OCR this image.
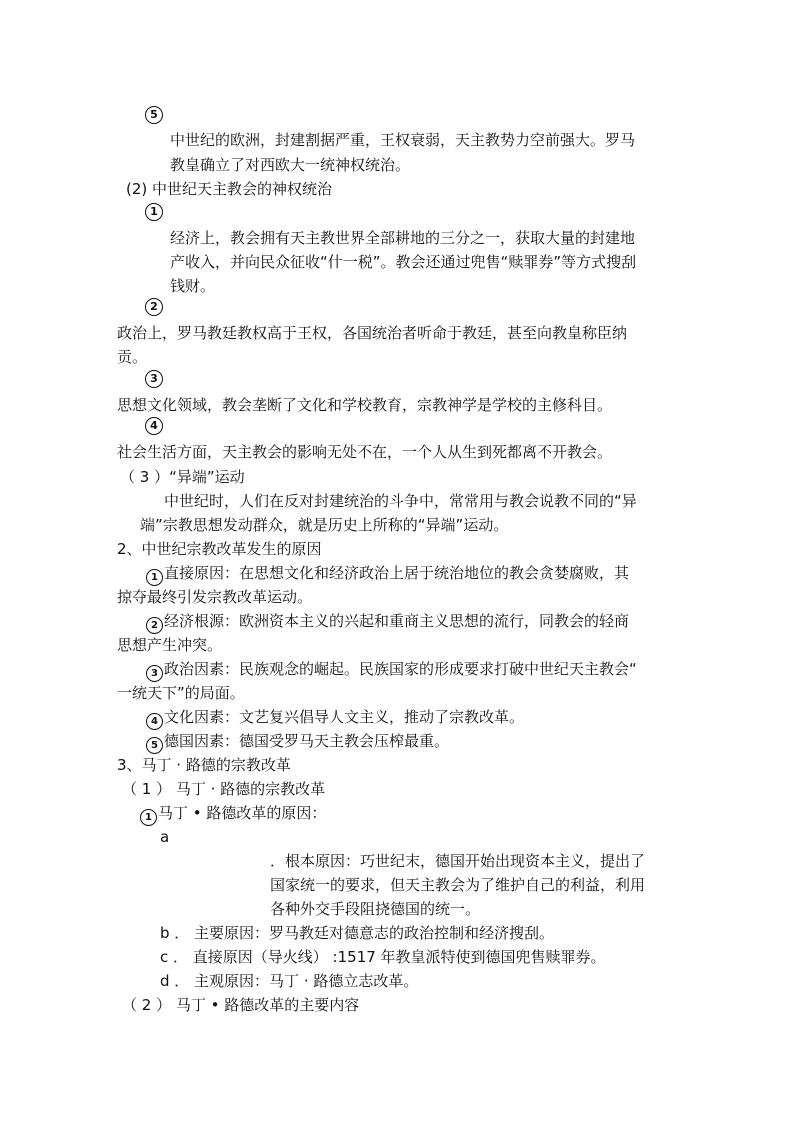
5
中世纪的欧洲，封建割据严重，王权衰弱，天主教势力空前强大。罗马
教皇确立了对西欧大一统神权统治。
(2) 中世纪天主教会的神权统治
1
经济上，教会拥有天主教世界全部耕地的三分之一，获取大量的封建地
产收入，并向民众征收“什一税”。教会还通过兜售“赎罪券”等方式搜刮
钱财。
2
政治上，罗马教廷教权高于王权，各国统治者听命于教廷，甚至向教皇称臣纳
贡。
3
思想文化领域，教会垄断了文化和学校教育，宗教神学是学校的主修科目。
4
社会生活方面，天主教会的影响无处不在，一个人从生到死都离不开教会。
（ 3 ）“异端”运动
中世纪时，人们在反对封建统治的斗争中，常常用与教会说教不同的“异
端”宗教思想发动群众，就是历史上所称的“异端”运动。
2、中世纪宗教改革发生的原因
1 直接原因：在思想文化和经济政治上居于统治地位的教会贪婪腐败，其
掠夺最终引发宗教改革运动。
2 经济根源：欧洲资本主义的兴起和重商主义思想的流行，同教会的轻商
思想产生冲突。
3 政治因素：民族观念的崛起。民族国家的形成要求打破中世纪天主教会“
一统天下”的局面。
4 文化因素：文艺复兴倡导人文主义，推动了宗教改革。
5 德国因素：德国受罗马天主教会压榨最重。
3、马丁 · 路德的宗教改革
（ 1 ） 马丁 · 路德的宗教改革
1 马丁 • 路德改革的原因：
a
．根本原因：巧世纪末，德国开始出现资本主义，提出了
国家统一的要求，但天主教会为了维护自己的利益，利用
各种外交手段阻挠德国的统一。
b ． 主要原因：罗马教廷对德意志的政治控制和经济搜刮。
c ． 直接原因（导火线） :1517 年教皇派特使到德国兜售赎罪券。
d ． 主观原因：马丁 · 路德立志改革。
（ 2 ） 马丁 • 路德改革的主要内容
